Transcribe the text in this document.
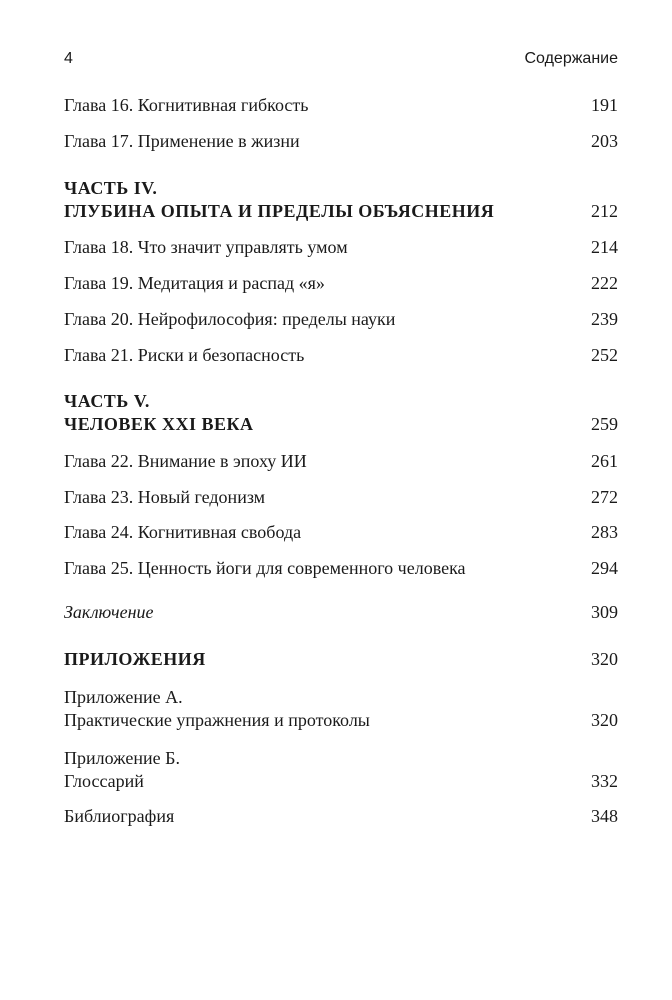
4	Содержание
Глава 16. Когнитивная гибкость	191
Глава 17. Применение в жизни	203
ЧАСТЬ IV.
ГЛУБИНА ОПЫТА И ПРЕДЕЛЫ ОБЪЯСНЕНИЯ	212
Глава 18. Что значит управлять умом	214
Глава 19. Медитация и распад «я»	222
Глава 20. Нейрофилософия: пределы науки	239
Глава 21. Риски и безопасность	252
ЧАСТЬ V.
ЧЕЛОВЕК XXI ВЕКА	259
Глава 22. Внимание в эпоху ИИ	261
Глава 23. Новый гедонизм	272
Глава 24. Когнитивная свобода	283
Глава 25. Ценность йоги для современного человека	294
Заключение	309
ПРИЛОЖЕНИЯ	320
Приложение А.
Практические упражнения и протоколы	320
Приложение Б.
Глоссарий	332
Библиография	348
